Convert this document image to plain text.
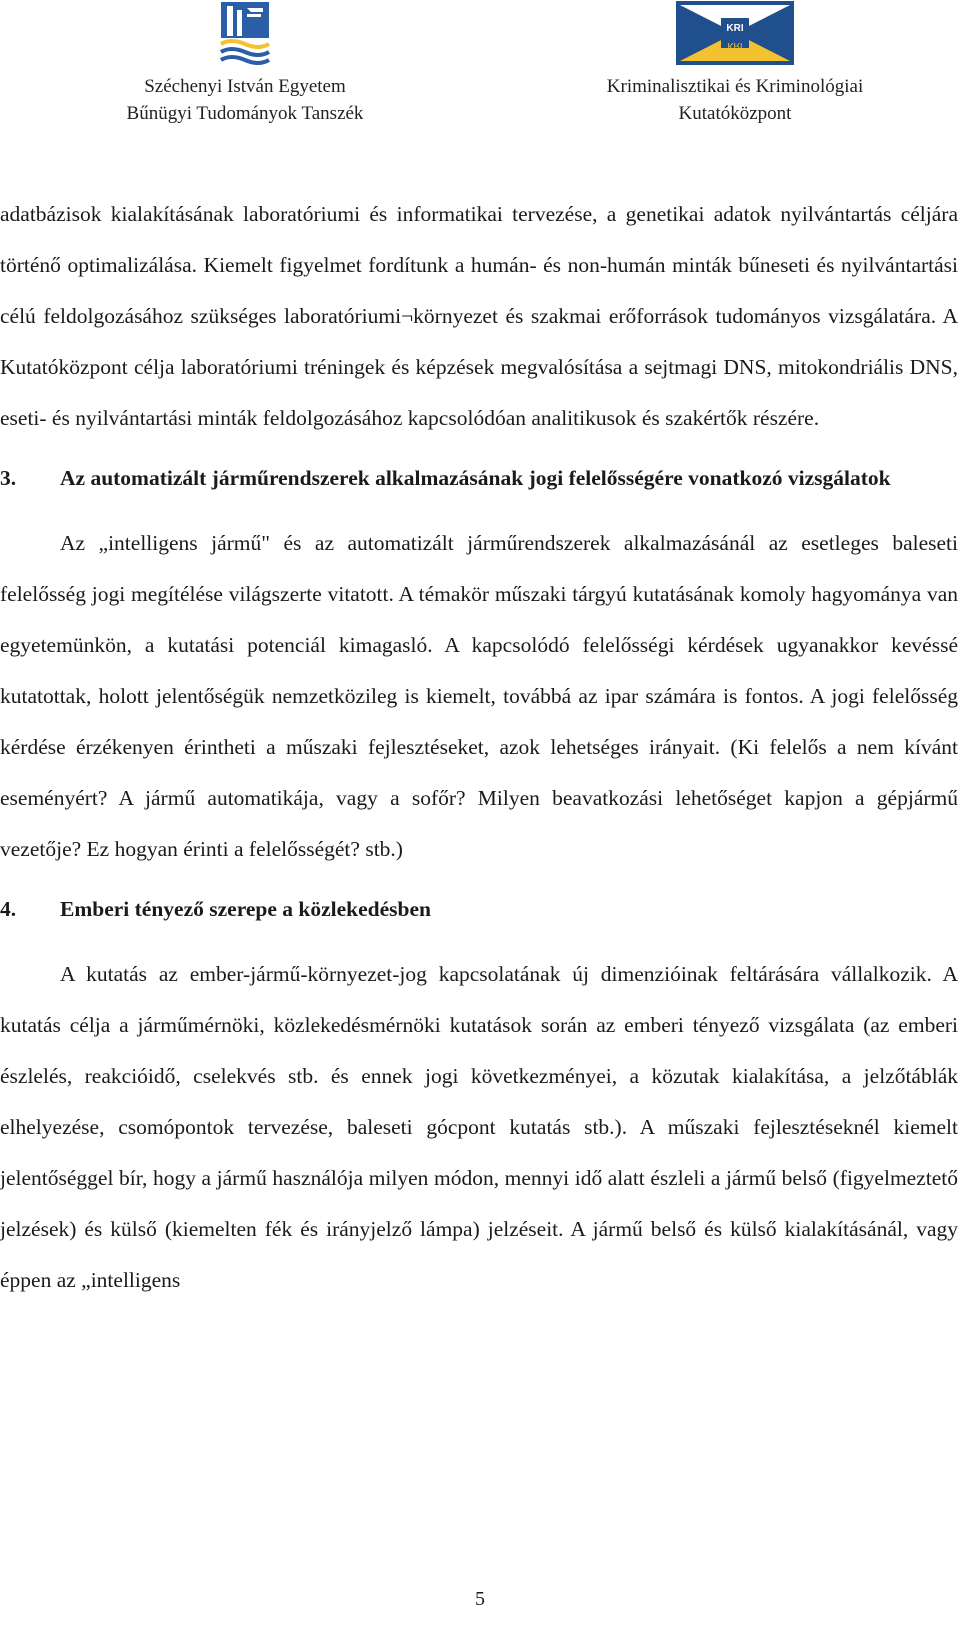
Széchenyi István Egyetem
Bűnügyi Tudományok Tanszék
KRI
KRI
Kriminalisztikai és Kriminológiai
Kutatóközpont

adatbázisok kialakításának laboratóriumi és informatikai tervezése, a genetikai adatok nyilvántartás céljára történő optimalizálása. Kiemelt figyelmet fordítunk a humán- és non-humán minták bűneseti és nyilvántartási célú feldolgozásához szükséges laboratóriumi¬környezet és szakmai erőforrások tudományos vizsgálatára. A Kutatóközpont célja laboratóriumi tréningek és képzések megvalósítása a sejtmagi DNS, mitokondriális DNS, eseti- és nyilvántartási minták feldolgozásához kapcsolódóan analitikusok és szakértők részére.

3.	Az automatizált járműrendszerek alkalmazásának jogi felelősségére vonatkozó vizsgálatok

Az „intelligens jármű" és az automatizált járműrendszerek alkalmazásánál az esetleges baleseti felelősség jogi megítélése világszerte vitatott. A témakör műszaki tárgyú kutatásának komoly hagyománya van egyetemünkön, a kutatási potenciál kimagasló. A kapcsolódó felelősségi kérdések ugyanakkor kevéssé kutatottak, holott jelentőségük nemzetközileg is kiemelt, továbbá az ipar számára is fontos. A jogi felelősség kérdése érzékenyen érintheti a műszaki fejlesztéseket, azok lehetséges irányait. (Ki felelős a nem kívánt eseményért? A jármű automatikája, vagy a sofőr? Milyen beavatkozási lehetőséget kapjon a gépjármű vezetője? Ez hogyan érinti a felelősségét? stb.)

4.	Emberi tényező szerepe a közlekedésben

A kutatás az ember-jármű-környezet-jog kapcsolatának új dimenzióinak feltárására vállalkozik. A kutatás célja a járműmérnöki, közlekedésmérnöki kutatások során az emberi tényező vizsgálata (az emberi észlelés, reakcióidő, cselekvés stb. és ennek jogi következményei, a közutak kialakítása, a jelzőtáblák elhelyezése, csomópontok tervezése, baleseti gócpont kutatás stb.). A műszaki fejlesztéseknél kiemelt jelentőséggel bír, hogy a jármű használója milyen módon, mennyi idő alatt észleli a jármű belső (figyelmeztető jelzések) és külső (kiemelten fék és irányjelző lámpa) jelzéseit. A jármű belső és külső kialakításánál, vagy éppen az „intelligens

5
